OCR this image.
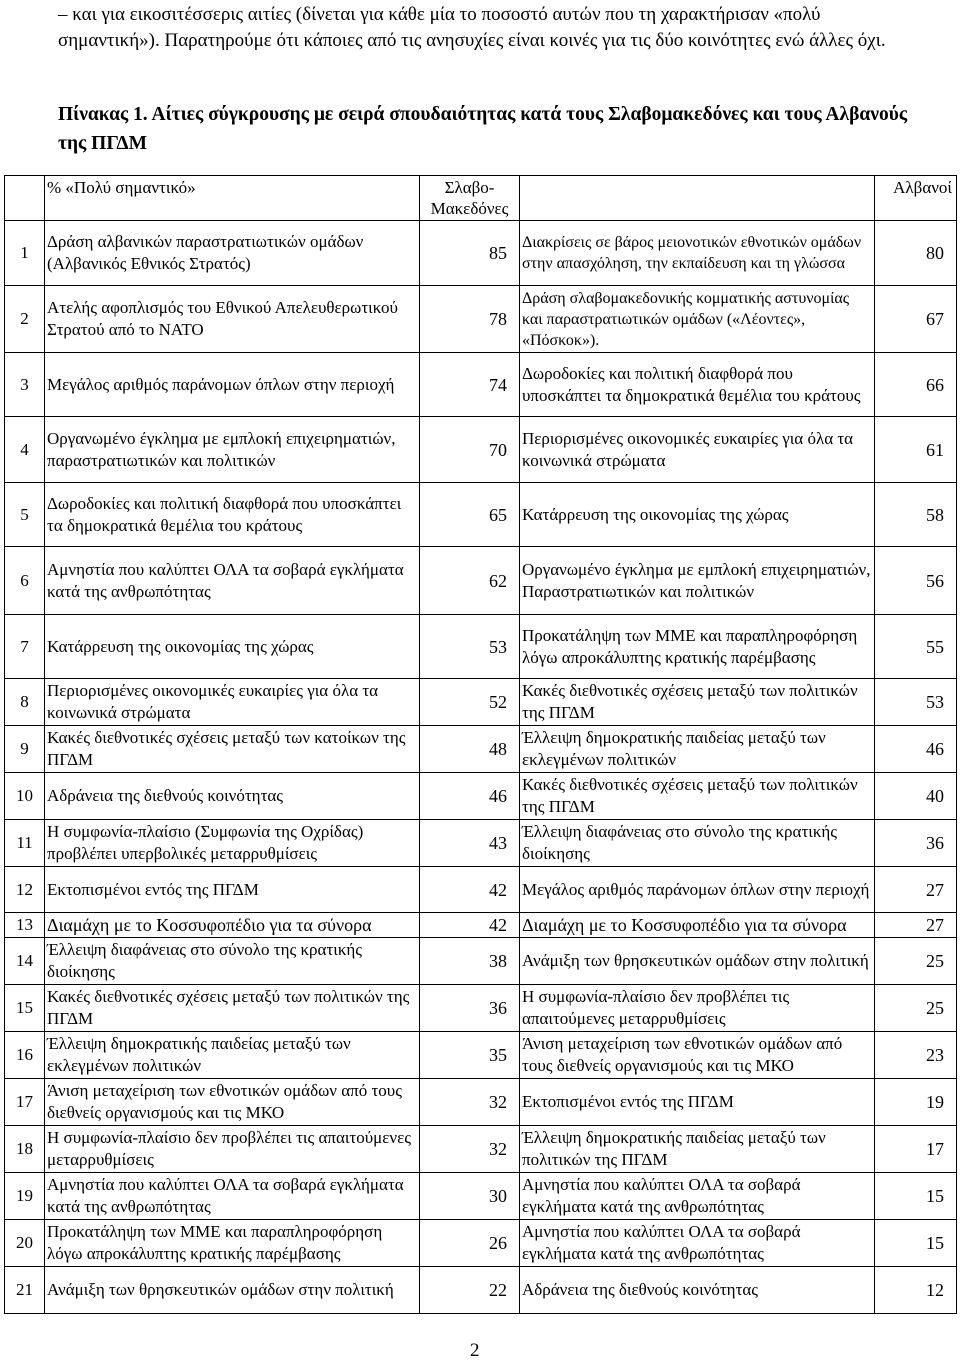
– και για εικοσιτέσσερις αιτίες (δίνεται για κάθε μία το ποσοστό αυτών που τη χαρακτήρισαν «πολύ σημαντική»). Παρατηρούμε ότι κάποιες από τις ανησυχίες είναι κοινές για τις δύο κοινότητες ενώ άλλες όχι.

Πίνακας 1. Αίτιες σύγκρουσης με σειρά σπουδαιότητας κατά τους Σλαβομακεδόνες και τους Αλβανούς της ΠΓΔΜ

	% «Πολύ σημαντικό»	Σλαβο-Μακεδόνες		Αλβανοί
1	Δράση αλβανικών παραστρατιωτικών ομάδων (Αλβανικός Εθνικός Στρατός)	85	Διακρίσεις σε βάρος μειονοτικών εθνοτικών ομάδων στην απασχόληση, την εκπαίδευση και τη γλώσσα	80
2	Ατελής αφοπλισμός του Εθνικού Απελευθερωτικού Στρατού από το ΝΑΤΟ	78	Δράση σλαβομακεδονικής κομματικής αστυνομίας και παραστρατιωτικών ομάδων («Λέοντες», «Πόσκοκ»).	67
3	Μεγάλος αριθμός παράνομων όπλων στην περιοχή	74	Δωροδοκίες και πολιτική διαφθορά που υποσκάπτει τα δημοκρατικά θεμέλια του κράτους	66
4	Οργανωμένο έγκλημα με εμπλοκή επιχειρηματιών, παραστρατιωτικών και πολιτικών	70	Περιορισμένες οικονομικές ευκαιρίες για όλα τα κοινωνικά στρώματα	61
5	Δωροδοκίες και πολιτική διαφθορά που υποσκάπτει τα δημοκρατικά θεμέλια του κράτους	65	Κατάρρευση της οικονομίας της χώρας	58
6	Αμνηστία που καλύπτει ΟΛΑ τα σοβαρά εγκλήματα κατά της ανθρωπότητας	62	Οργανωμένο έγκλημα με εμπλοκή επιχειρηματιών, Παραστρατιωτικών και πολιτικών	56
7	Κατάρρευση της οικονομίας της χώρας	53	Προκατάληψη των ΜΜΕ και παραπληροφόρηση λόγω απροκάλυπτης κρατικής παρέμβασης	55
8	Περιορισμένες οικονομικές ευκαιρίες για όλα τα κοινωνικά στρώματα	52	Κακές διεθνοτικές σχέσεις μεταξύ των πολιτικών της ΠΓΔΜ	53
9	Κακές διεθνοτικές σχέσεις μεταξύ των κατοίκων της ΠΓΔΜ	48	Έλλειψη δημοκρατικής παιδείας μεταξύ των εκλεγμένων πολιτικών	46
10	Αδράνεια της διεθνούς κοινότητας	46	Κακές διεθνοτικές σχέσεις μεταξύ των πολιτικών της ΠΓΔΜ	40
11	Η συμφωνία-πλαίσιο (Συμφωνία της Οχρίδας) προβλέπει υπερβολικές μεταρρυθμίσεις	43	Έλλειψη διαφάνειας στο σύνολο της κρατικής διοίκησης	36
12	Εκτοπισμένοι εντός της ΠΓΔΜ	42	Μεγάλος αριθμός παράνομων όπλων στην περιοχή	27
13	Διαμάχη με το Κοσσυφοπέδιο για τα σύνορα	42	Διαμάχη με το Κοσσυφοπέδιο για τα σύνορα	27
14	Έλλειψη διαφάνειας στο σύνολο της κρατικής διοίκησης	38	Ανάμιξη των θρησκευτικών ομάδων στην πολιτική	25
15	Κακές διεθνοτικές σχέσεις μεταξύ των πολιτικών της ΠΓΔΜ	36	Η συμφωνία-πλαίσιο δεν προβλέπει τις απαιτούμενες μεταρρυθμίσεις	25
16	Έλλειψη δημοκρατικής παιδείας μεταξύ των εκλεγμένων πολιτικών	35	Άνιση μεταχείριση των εθνοτικών ομάδων από τους διεθνείς οργανισμούς και τις ΜΚΟ	23
17	Άνιση μεταχείριση των εθνοτικών ομάδων από τους διεθνείς οργανισμούς και τις ΜΚΟ	32	Εκτοπισμένοι εντός της ΠΓΔΜ	19
18	Η συμφωνία-πλαίσιο δεν προβλέπει τις απαιτούμενες μεταρρυθμίσεις	32	Έλλειψη δημοκρατικής παιδείας μεταξύ των πολιτικών της ΠΓΔΜ	17
19	Αμνηστία που καλύπτει ΟΛΑ τα σοβαρά εγκλήματα κατά της ανθρωπότητας	30	Αμνηστία που καλύπτει ΟΛΑ τα σοβαρά εγκλήματα κατά της ανθρωπότητας	15
20	Προκατάληψη των ΜΜΕ και παραπληροφόρηση λόγω απροκάλυπτης κρατικής παρέμβασης	26	Αμνηστία που καλύπτει ΟΛΑ τα σοβαρά εγκλήματα κατά της ανθρωπότητας	15
21	Ανάμιξη των θρησκευτικών ομάδων στην πολιτική	22	Αδράνεια της διεθνούς κοινότητας	12
2
